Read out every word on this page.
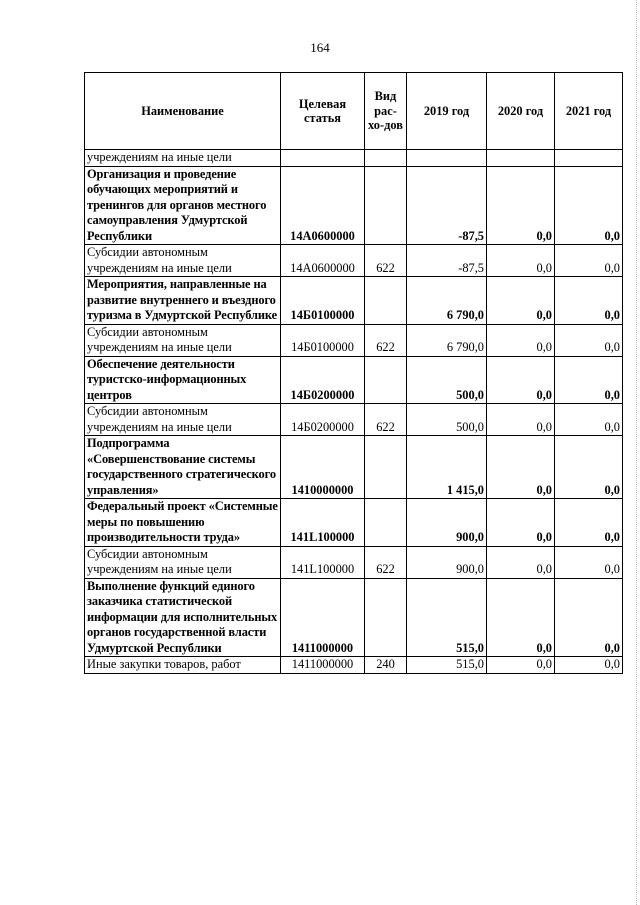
164
Наименование	Целевая статья	Вид рас-хо-дов	2019 год	2020 год	2021 год
учреждениям на иные цели					
Организация и проведение обучающих мероприятий и тренингов для органов местного самоуправления Удмуртской Республики	14А0600000		-87,5	0,0	0,0
Субсидии автономным учреждениям на иные цели	14А0600000	622	-87,5	0,0	0,0
Мероприятия, направленные на развитие внутреннего и въездного туризма в Удмуртской Республике	14Б0100000		6 790,0	0,0	0,0
Субсидии автономным учреждениям на иные цели	14Б0100000	622	6 790,0	0,0	0,0
Обеспечение деятельности туристско-информационных центров	14Б0200000		500,0	0,0	0,0
Субсидии автономным учреждениям на иные цели	14Б0200000	622	500,0	0,0	0,0
Подпрограмма «Совершенствование системы государственного стратегического управления»	1410000000		1 415,0	0,0	0,0
Федеральный проект «Системные меры по повышению производительности труда»	141L100000		900,0	0,0	0,0
Субсидии автономным учреждениям на иные цели	141L100000	622	900,0	0,0	0,0
Выполнение функций единого заказчика статистической информации для исполнительных органов государственной власти Удмуртской Республики	1411000000		515,0	0,0	0,0
Иные закупки товаров, работ	1411000000	240	515,0	0,0	0,0
